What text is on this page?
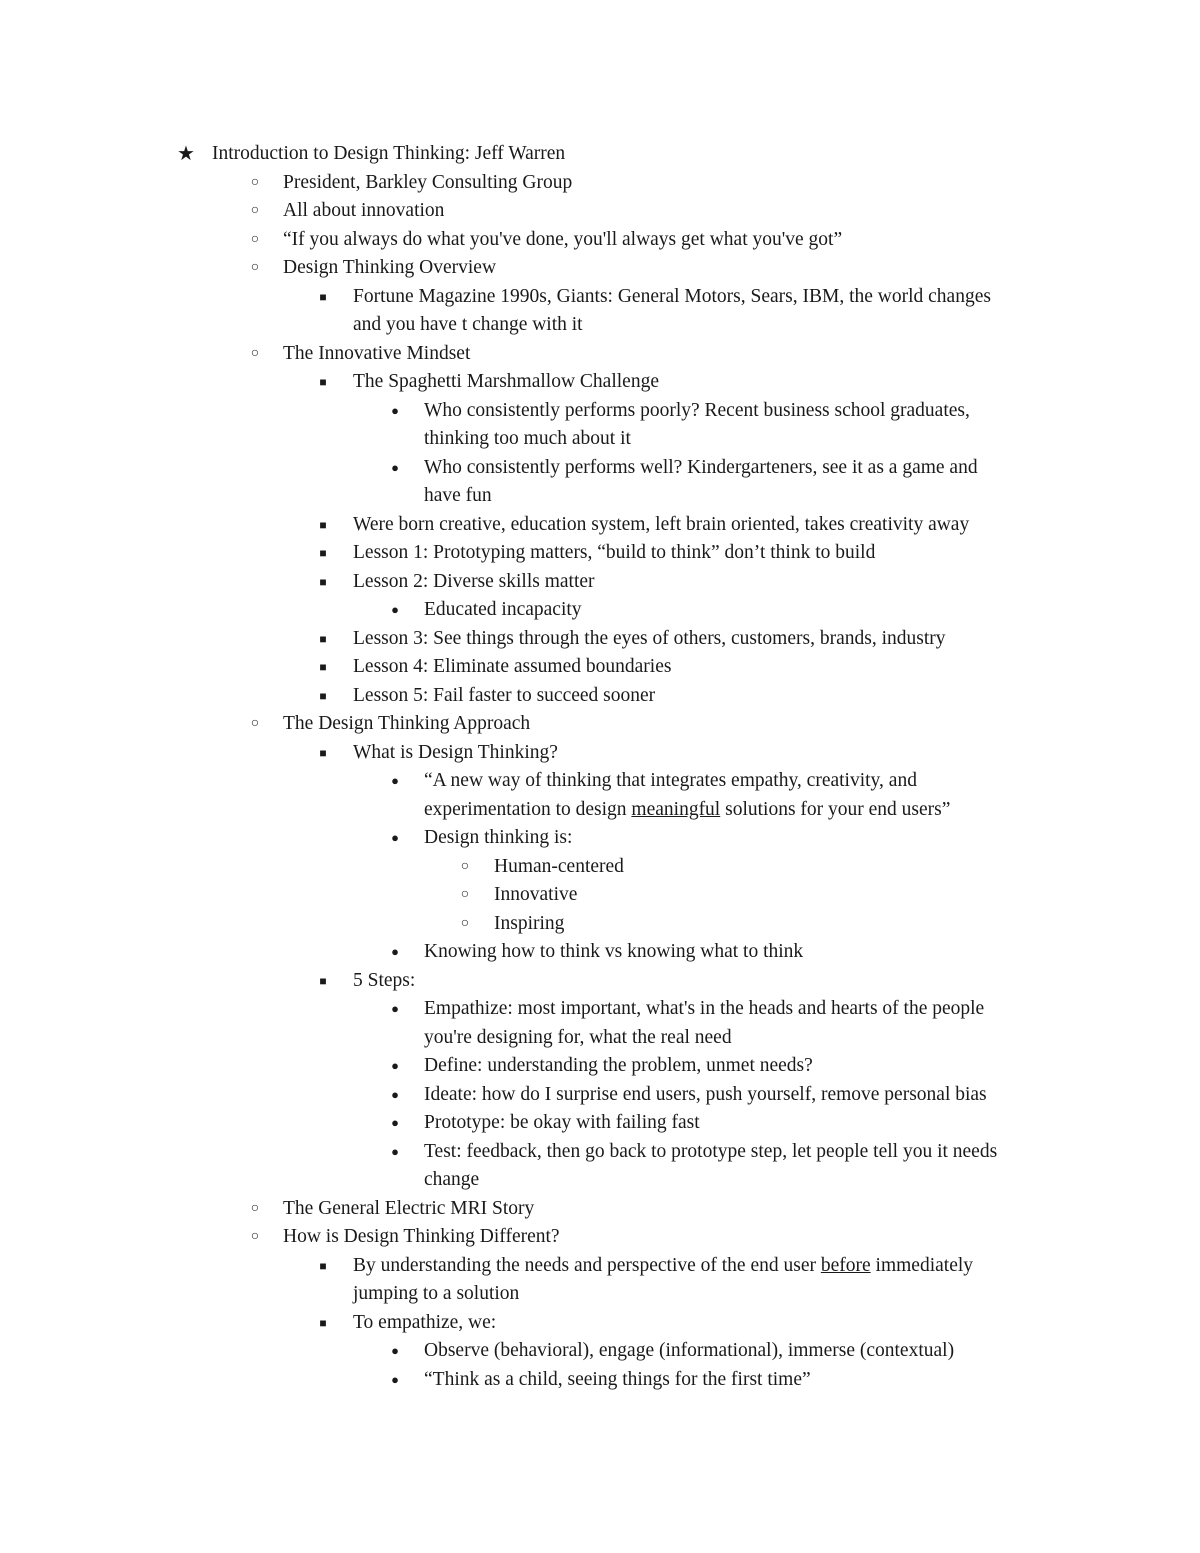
★ Introduction to Design Thinking: Jeff Warren
○ President, Barkley Consulting Group
○ All about innovation
○ “If you always do what you've done, you'll always get what you've got”
○ Design Thinking Overview
■	Fortune Magazine 1990s, Giants: General Motors, Sears, IBM, the world changes
and you have t change with it
○ The Innovative Mindset
■	The Spaghetti Marshmallow Challenge
●	Who consistently performs poorly? Recent business school graduates,
thinking too much about it
●	Who consistently performs well? Kindergarteners, see it as a game and
have fun
■	Were born creative, education system, left brain oriented, takes creativity away
■	Lesson 1: Prototyping matters, “build to think” don’t think to build
■	Lesson 2: Diverse skills matter
●	Educated incapacity
■	Lesson 3: See things through the eyes of others, customers, brands, industry
■	Lesson 4: Eliminate assumed boundaries
■	Lesson 5: Fail faster to succeed sooner
○ The Design Thinking Approach
■	What is Design Thinking?
●	“A new way of thinking that integrates empathy, creativity, and
experimentation to design meaningful solutions for your end users”
●	Design thinking is:
○ Human-centered
○ Innovative
○ Inspiring
●	Knowing how to think vs knowing what to think
■	5 Steps:
●	Empathize: most important, what's in the heads and hearts of the people
you're designing for, what the real need
●	Define: understanding the problem, unmet needs?
●	Ideate: how do I surprise end users, push yourself, remove personal bias
●	Prototype: be okay with failing fast
●	Test: feedback, then go back to prototype step, let people tell you it needs
change
○ The General Electric MRI Story
○ How is Design Thinking Different?
■	By understanding the needs and perspective of the end user before immediately
jumping to a solution
■	To empathize, we:
●	Observe (behavioral), engage (informational), immerse (contextual)
●	“Think as a child, seeing things for the first time”
